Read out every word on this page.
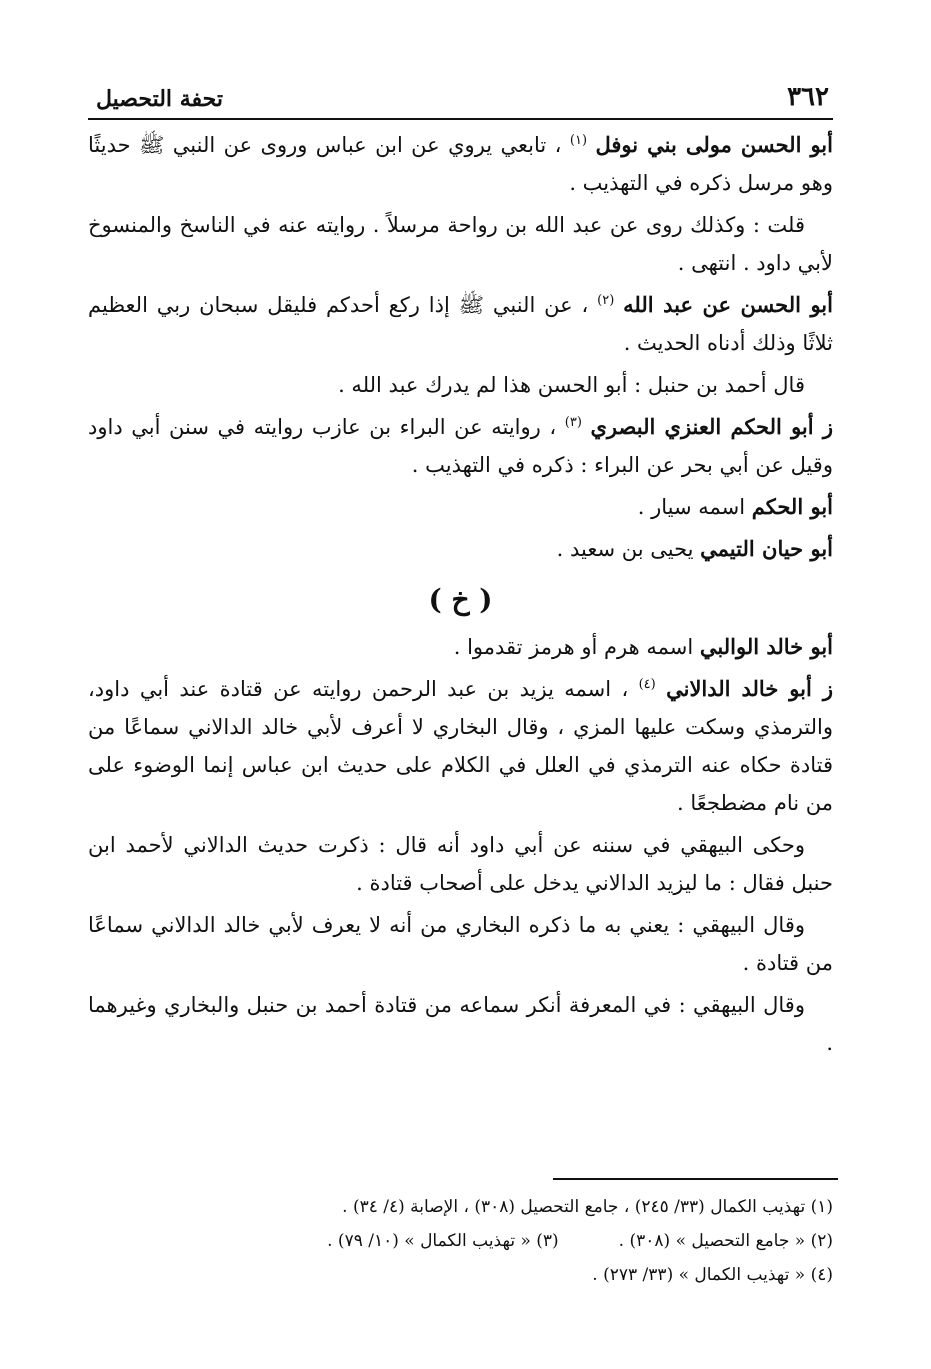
٣٦٢
تحفة التحصيل

أبو الحسن مولى بني نوفل $^{(١)}$ ، تابعي يروي عن ابن عباس وروى عن النبي ﷺ حديثًا وهو مرسل ذكره في التهذيب .

قلت : وكذلك روى عن عبد الله بن رواحة مرسلاً . روايته عنه في الناسخ والمنسوخ لأبي داود . انتهى .

أبو الحسن عن عبد الله $^{(٢)}$ ، عن النبي ﷺ إذا ركع أحدكم فليقل سبحان ربي العظيم ثلاثًا وذلك أدناه الحديث .

قال أحمد بن حنبل : أبو الحسن هذا لم يدرك عبد الله .

ز أبو الحكم العنزي البصري $^{(٣)}$ ، روايته عن البراء بن عازب روايته في سنن أبي داود وقيل عن أبي بحر عن البراء : ذكره في التهذيب .

أبو الحكم اسمه سيار .

أبو حيان التيمي يحيى بن سعيد .

( خ )

أبو خالد الوالبي اسمه هرم أو هرمز تقدموا .

ز أبو خالد الدالاني $^{(٤)}$ ، اسمه يزيد بن عبد الرحمن روايته عن قتادة عند أبي داود، والترمذي وسكت عليها المزي ، وقال البخاري لا أعرف لأبي خالد الدالاني سماعًا من قتادة حكاه عنه الترمذي في العلل في الكلام على حديث ابن عباس إنما الوضوء على من نام مضطجعًا .

وحكى البيهقي في سننه عن أبي داود أنه قال : ذكرت حديث الدالاني لأحمد ابن حنبل فقال : ما ليزيد الدالاني يدخل على أصحاب قتادة .

وقال البيهقي : يعني به ما ذكره البخاري من أنه لا يعرف لأبي خالد الدالاني سماعًا من قتادة .

وقال البيهقي : في المعرفة أنكر سماعه من قتادة أحمد بن حنبل والبخاري وغيرهما .

(١) تهذيب الكمال (٣٣/ ٢٤٥) ، جامع التحصيل (٣٠٨) ، الإصابة (٤/ ٣٤) .
(٢) « جامع التحصيل » (٣٠٨) .
(٣) « تهذيب الكمال » (١٠/ ٧٩) .
(٤) « تهذيب الكمال » (٣٣/ ٢٧٣) .
